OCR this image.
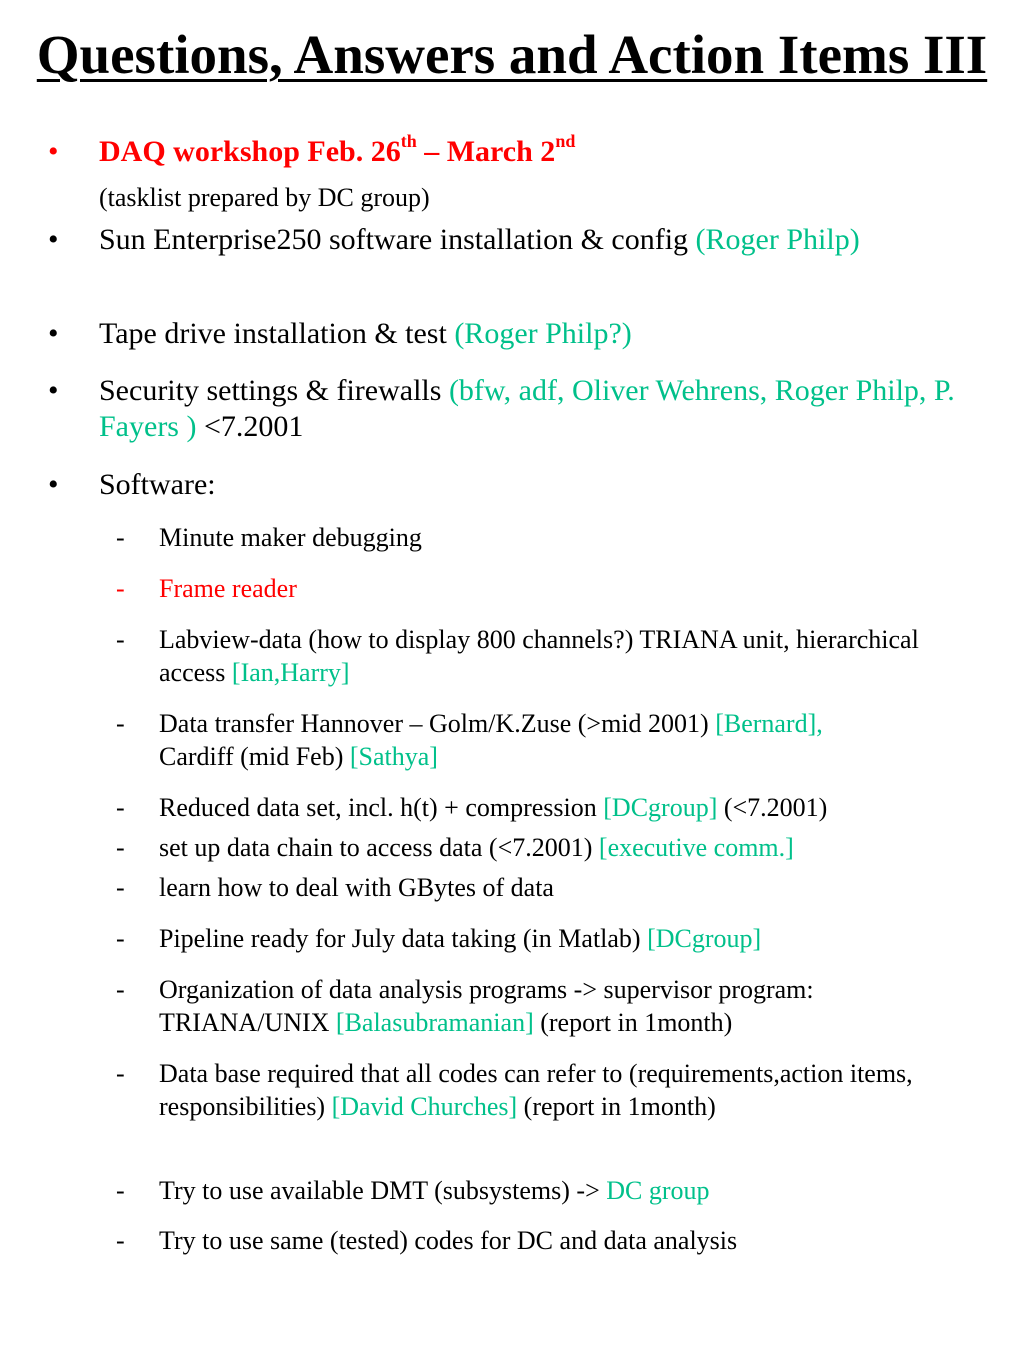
Questions, Answers and Action Items III
• DAQ workshop Feb. 26th – March 2nd
(tasklist prepared by DC group)
• Sun Enterprise250 software installation & config (Roger Philp)
• Tape drive installation & test (Roger Philp?)
• Security settings & firewalls (bfw, adf, Oliver Wehrens, Roger Philp, P. Fayers ) <7.2001
• Software:
- Minute maker debugging
- Frame reader
- Labview-data (how to display 800 channels?) TRIANA unit, hierarchical access [Ian,Harry]
- Data transfer Hannover – Golm/K.Zuse (>mid 2001) [Bernard],
Cardiff (mid Feb) [Sathya]
- Reduced data set, incl. h(t) + compression [DCgroup] (<7.2001)
- set up data chain to access data (<7.2001) [executive comm.]
- learn how to deal with GBytes of data
- Pipeline ready for July data taking (in Matlab) [DCgroup]
- Organization of data analysis programs -> supervisor program: TRIANA/UNIX [Balasubramanian] (report in 1month)
- Data base required that all codes can refer to (requirements,action items, responsibilities) [David Churches] (report in 1month)
- Try to use available DMT (subsystems) -> DC group
- Try to use same (tested) codes for DC and data analysis
